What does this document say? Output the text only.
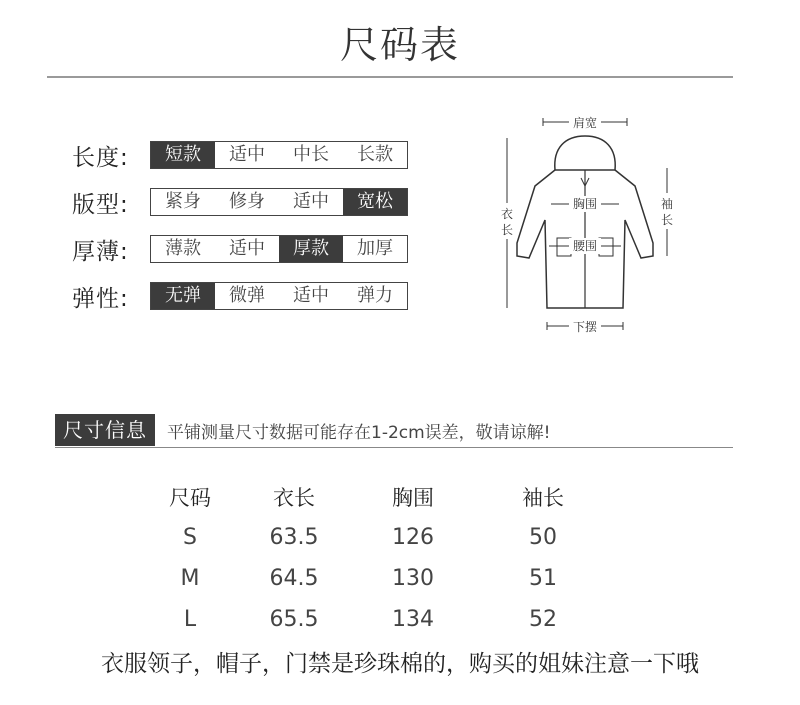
尺码表
长度:	短款	适中	中长	长款
版型:	紧身	修身	适中	宽松
厚薄:	薄款	适中	厚款	加厚
弹性:	无弹	微弹	适中	弹力
肩宽
衣
长
袖
长
胸围
腰围
下摆
尺寸信息	平铺测量尺寸数据可能存在1-2cm误差，敬请谅解!
尺码	衣长	胸围	袖长
S	63.5	126	50
M	64.5	130	51
L	65.5	134	52
衣服领子，帽子，门禁是珍珠棉的，购买的姐妹注意一下哦
